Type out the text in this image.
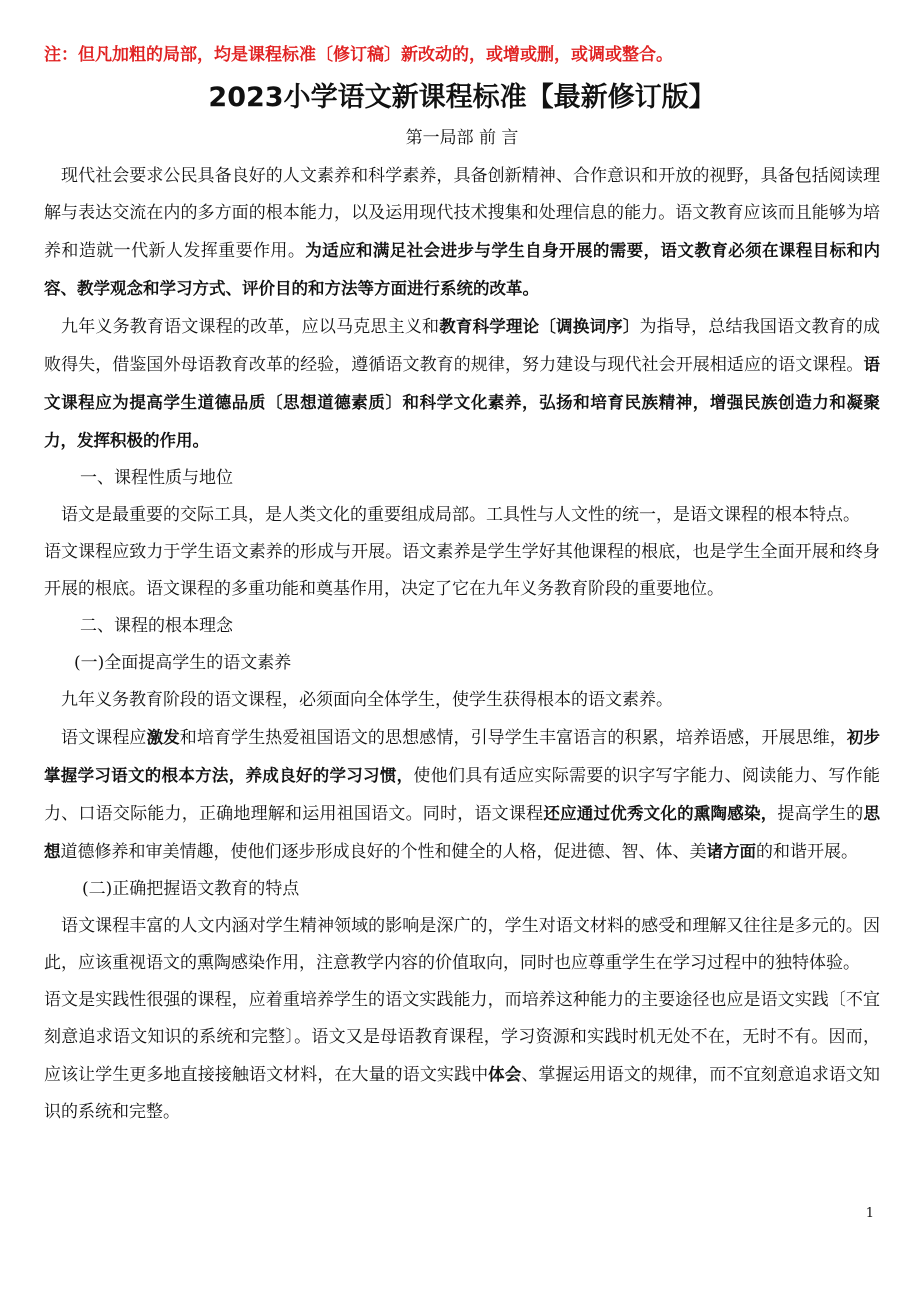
注：但凡加粗的局部，均是课程标准〔修订稿〕新改动的，或增或删，或调或整合。
2023小学语文新课程标准【最新修订版】
第一局部 前 言

现代社会要求公民具备良好的人文素养和科学素养，具备创新精神、合作意识和开放的视野，具备包括阅读理解与表达交流在内的多方面的根本能力，以及运用现代技术搜集和处理信息的能力。语文教育应该而且能够为培养和造就一代新人发挥重要作用。为适应和满足社会进步与学生自身开展的需要，语文教育必须在课程目标和内容、教学观念和学习方式、评价目的和方法等方面进行系统的改革。

九年义务教育语文课程的改革，应以马克思主义和教育科学理论〔调换词序〕为指导，总结我国语文教育的成败得失，借鉴国外母语教育改革的经验，遵循语文教育的规律，努力建设与现代社会开展相适应的语文课程。语文课程应为提高学生道德品质〔思想道德素质〕和科学文化素养，弘扬和培育民族精神，增强民族创造力和凝聚力，发挥积极的作用。

一、课程性质与地位

语文是最重要的交际工具，是人类文化的重要组成局部。工具性与人文性的统一，是语文课程的根本特点。

语文课程应致力于学生语文素养的形成与开展。语文素养是学生学好其他课程的根底，也是学生全面开展和终身开展的根底。语文课程的多重功能和奠基作用，决定了它在九年义务教育阶段的重要地位。

二、课程的根本理念
(一)全面提高学生的语文素养

九年义务教育阶段的语文课程，必须面向全体学生，使学生获得根本的语文素养。

语文课程应激发和培育学生热爱祖国语文的思想感情，引导学生丰富语言的积累，培养语感，开展思维，初步掌握学习语文的根本方法，养成良好的学习习惯，使他们具有适应实际需要的识字写字能力、阅读能力、写作能力、口语交际能力，正确地理解和运用祖国语文。同时，语文课程还应通过优秀文化的熏陶感染，提高学生的思想道德修养和审美情趣，使他们逐步形成良好的个性和健全的人格，促进德、智、体、美诸方面的和谐开展。

(二)正确把握语文教育的特点

语文课程丰富的人文内涵对学生精神领域的影响是深广的，学生对语文材料的感受和理解又往往是多元的。因此，应该重视语文的熏陶感染作用，注意教学内容的价值取向，同时也应尊重学生在学习过程中的独特体验。

语文是实践性很强的课程，应着重培养学生的语文实践能力，而培养这种能力的主要途径也应是语文实践〔不宜刻意追求语文知识的系统和完整〕。语文又是母语教育课程，学习资源和实践时机无处不在，无时不有。因而，应该让学生更多地直接接触语文材料，在大量的语文实践中体会、掌握运用语文的规律，而不宜刻意追求语文知识的系统和完整。

1
